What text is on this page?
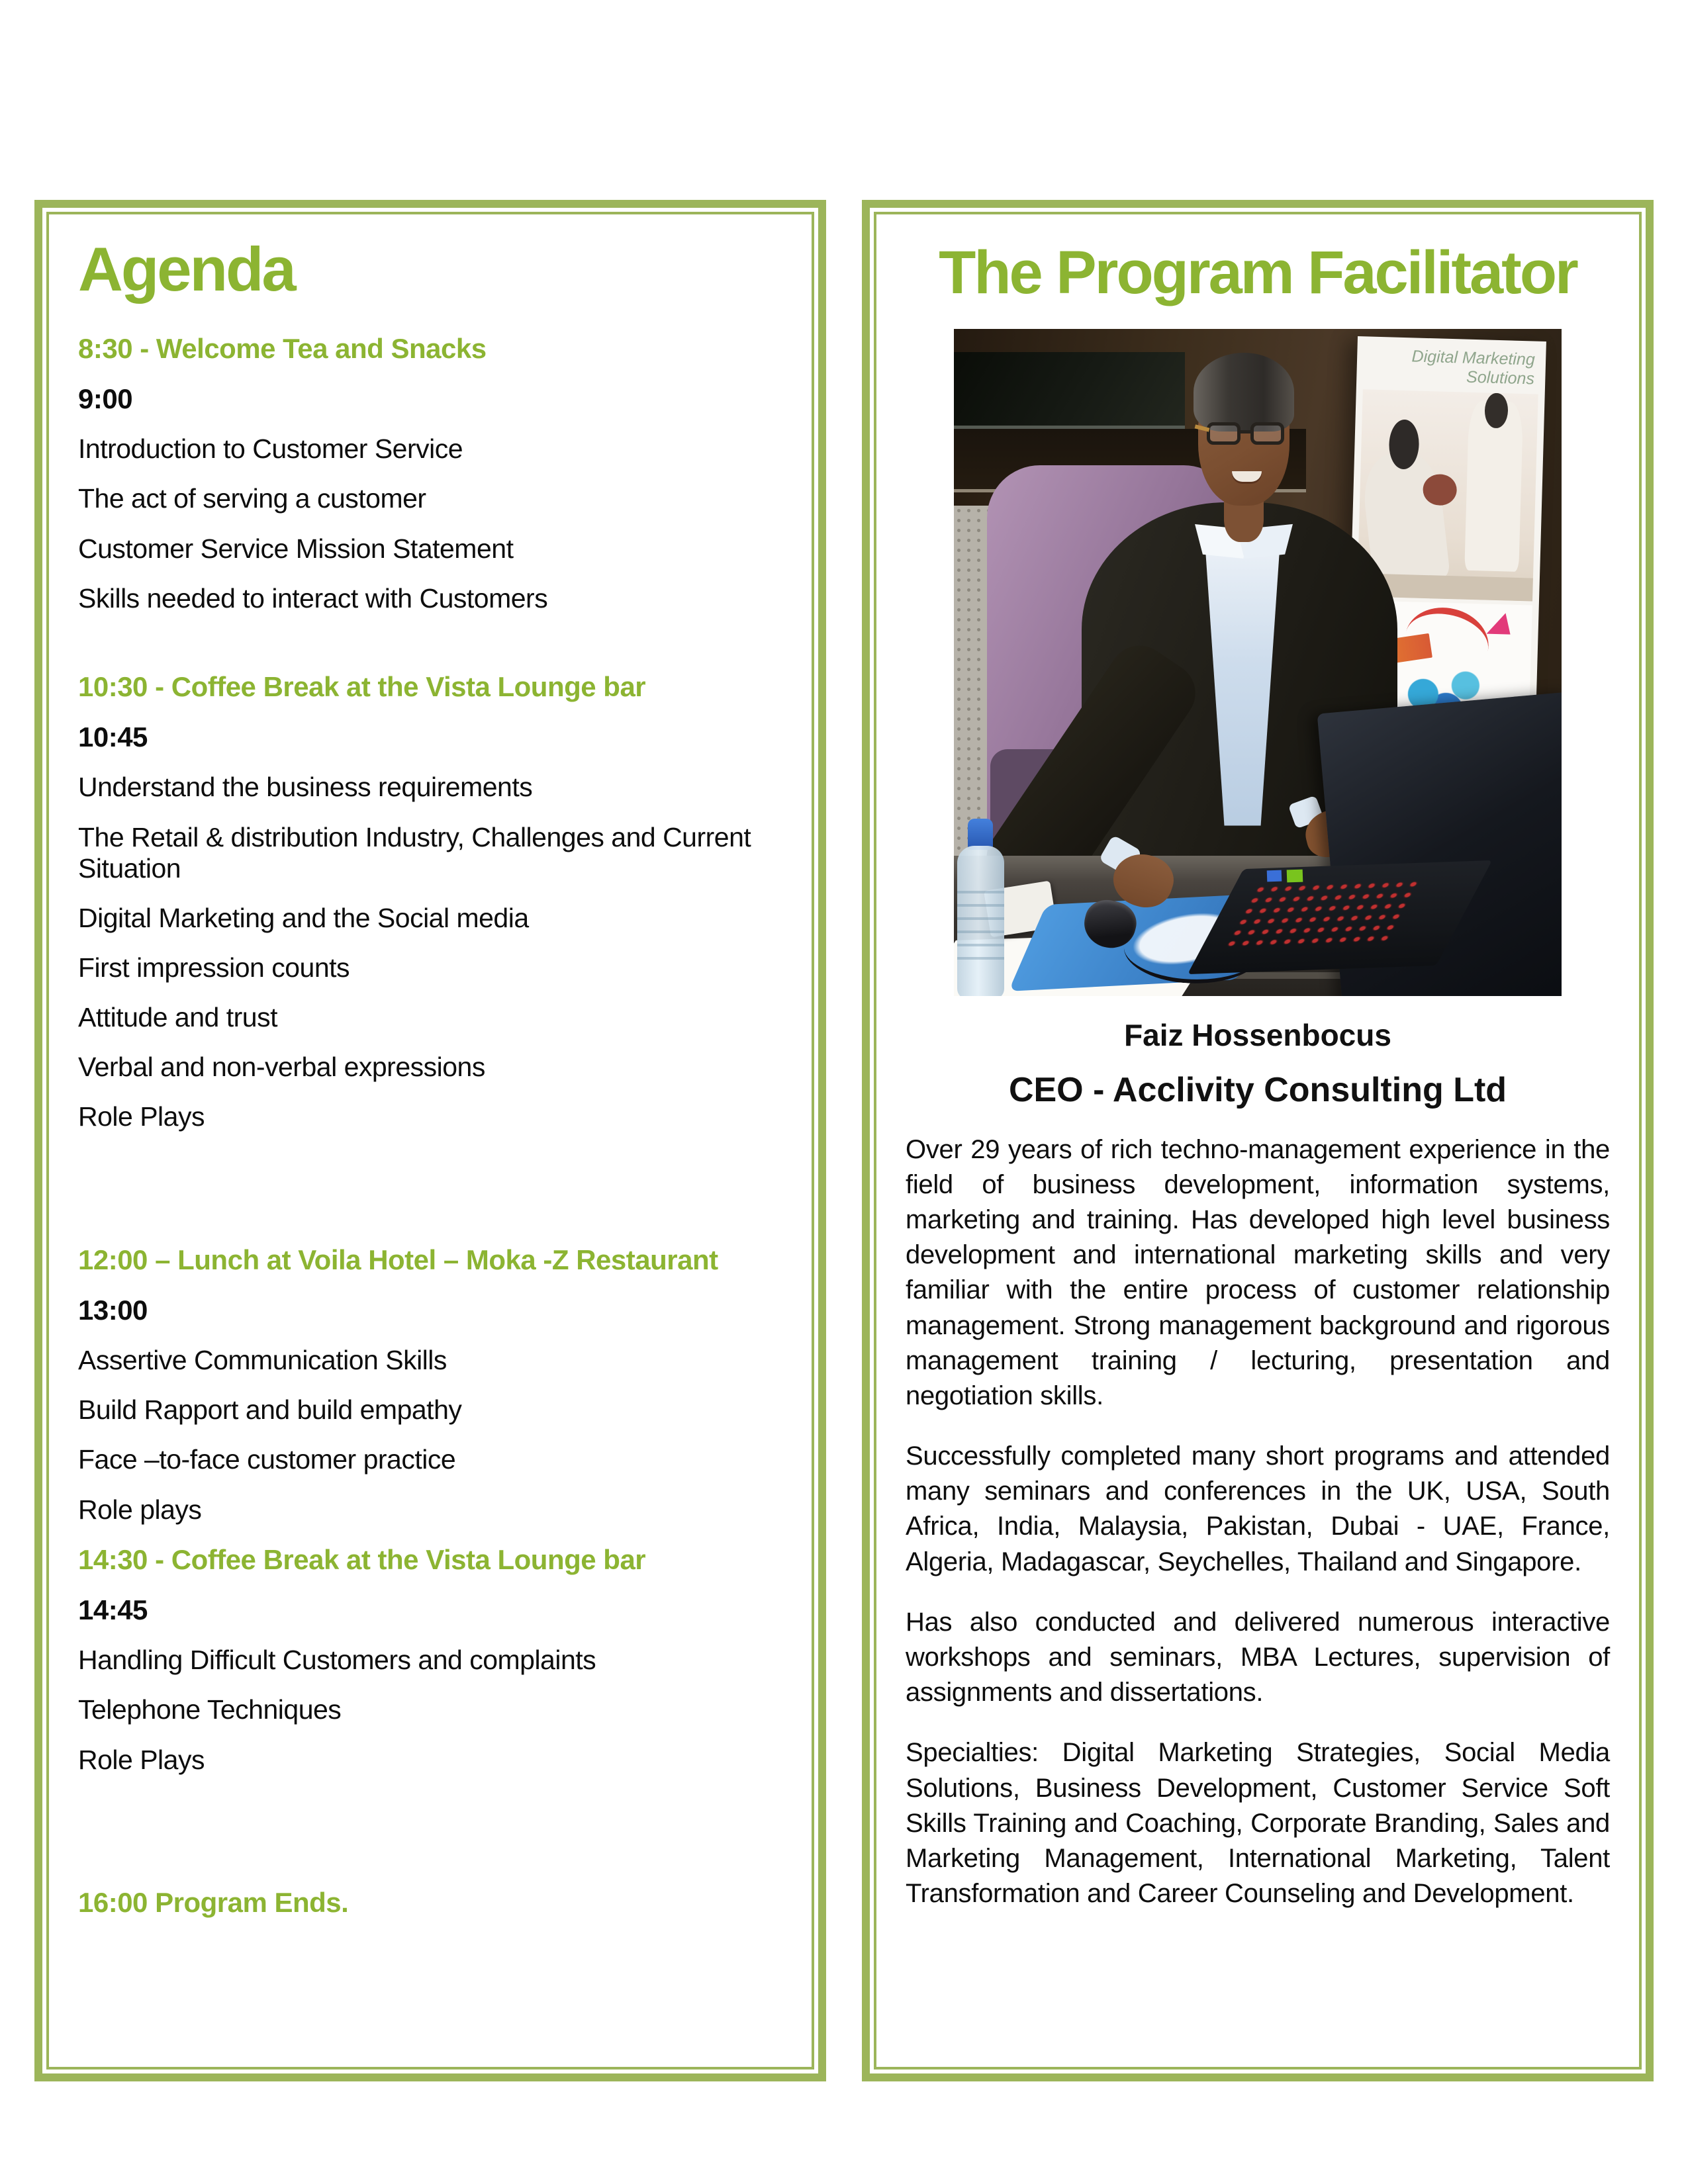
Agenda

8:30 - Welcome Tea and Snacks

9:00

Introduction to Customer Service

The act of serving a customer

Customer Service Mission Statement

Skills needed to interact with Customers

10:30 - Coffee Break at the Vista Lounge bar

10:45

Understand the business requirements

The Retail & distribution Industry, Challenges and Current Situation

Digital Marketing and the Social media

First impression counts

Attitude and trust

Verbal and non-verbal expressions

Role Plays

12:00 – Lunch at Voila Hotel – Moka -Z Restaurant

13:00

Assertive Communication Skills

Build Rapport and build empathy

Face –to-face customer practice

Role plays

14:30 - Coffee Break at the Vista Lounge bar

14:45

Handling Difficult Customers and complaints

Telephone Techniques

Role Plays

16:00 Program Ends.

The Program Facilitator
Digital Marketing Solutions

Faiz Hossenbocus

CEO - Acclivity Consulting Ltd

Over 29 years of rich techno-management experience in the field of business development, information systems, marketing and training. Has developed high level business development and international marketing skills and very familiar with the entire process of customer relationship management. Strong management background and rigorous management training / lecturing, presentation and negotiation skills.

Successfully completed many short programs and attended many seminars and conferences in the UK, USA, South Africa, India, Malaysia, Pakistan, Dubai - UAE, France, Algeria, Madagascar, Seychelles, Thailand and Singapore.

Has also conducted and delivered numerous interactive workshops and seminars, MBA Lectures, supervision of assignments and dissertations.

Specialties: Digital Marketing Strategies, Social Media Solutions, Business Development, Customer Service Soft Skills Training and Coaching, Corporate Branding, Sales and Marketing Management, International Marketing, Talent Transformation and Career Counseling and Development.
